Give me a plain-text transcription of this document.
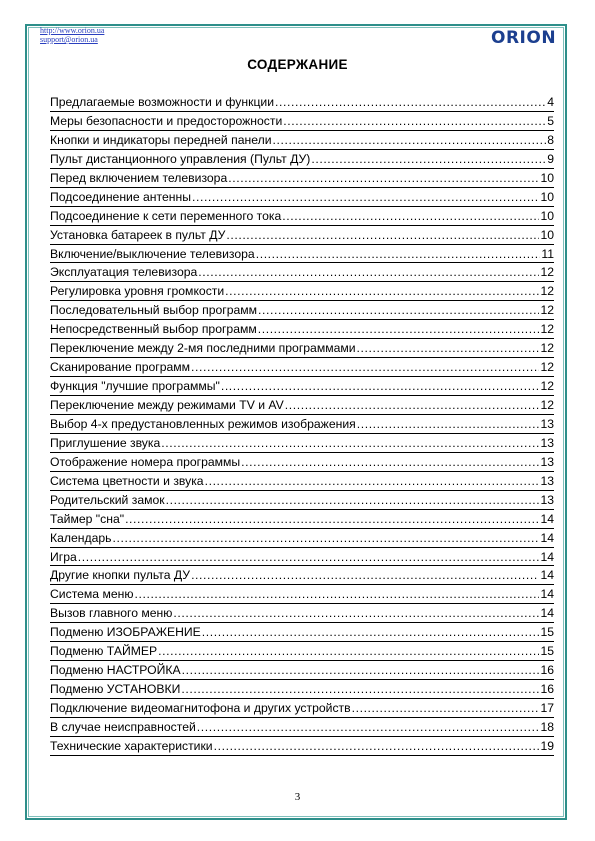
http://www.orion.ua
support@orion.ua	ORION
СОДЕРЖАНИЕ
Предлагаемые возможности и функции .....	4
Меры безопасности и предосторожности .....	5
Кнопки и индикаторы передней панели .....	8
Пульт дистанционного управления (Пульт ДУ) .....	9
Перед включением телевизора .....	10
Подсоединение антенны .....	10
Подсоединение к сети переменного тока .....	10
Установка батареек в пульт ДУ .....	10
Включение/выключение телевизора .....	11
Эксплуатация телевизора .....	12
Регулировка уровня громкости .....	12
Последовательный выбор программ .....	12
Непосредственный выбор программ .....	12
Переключение между 2-мя последними программами .....	12
Сканирование программ .....	12
Функция "лучшие программы" .....	12
Переключение между режимами TV и AV .....	12
Выбор 4-х предустановленных режимов изображения .....	13
Приглушение звука .....	13
Отображение номера программы .....	13
Система цветности и звука .....	13
Родительский замок .....	13
Таймер "сна" .....	14
Календарь .....	14
Игра .....	14
Другие кнопки пульта ДУ .....	14
Система меню .....	14
Вызов главного меню .....	14
Подменю ИЗОБРАЖЕНИЕ .....	15
Подменю ТАЙМЕР .....	15
Подменю НАСТРОЙКА .....	16
Подменю УСТАНОВКИ .....	16
Подключение видеомагнитофона и других устройств .....	17
В случае неисправностей .....	18
Технические характеристики .....	19
3
